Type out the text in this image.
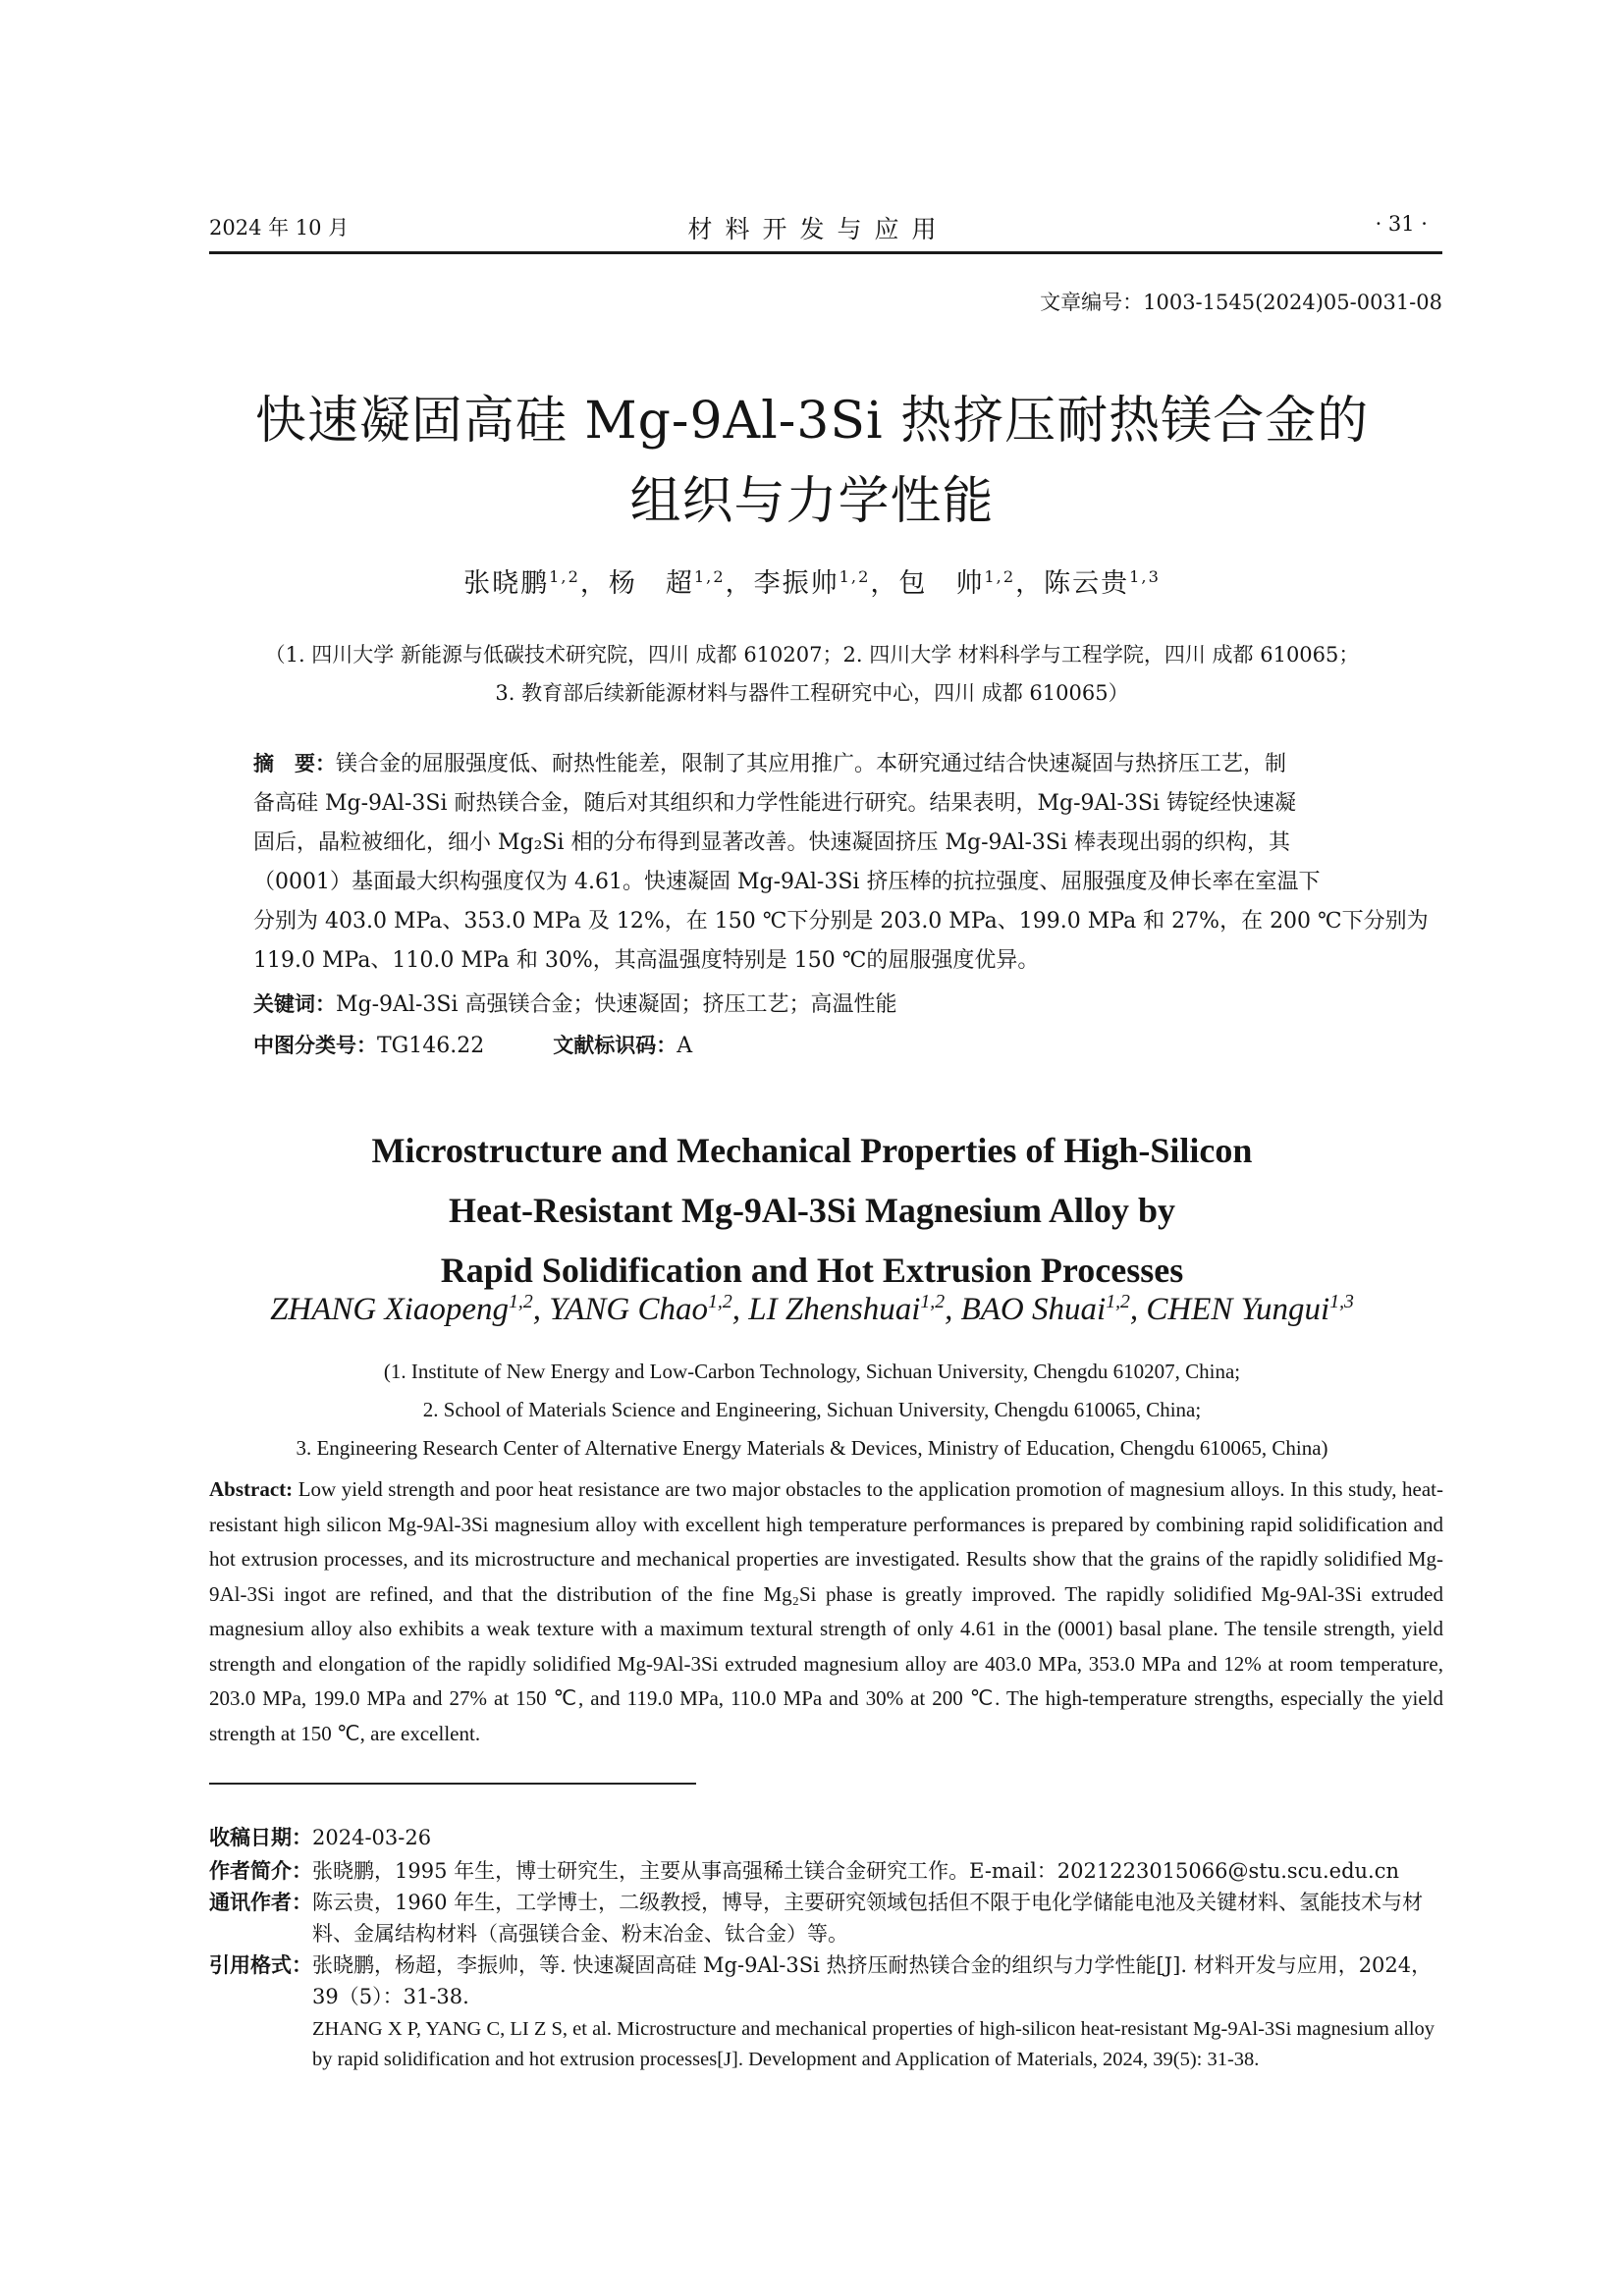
2024 年 10 月	材料开发与应用	· 31 ·
文章编号：1003-1545(2024)05-0031-08
快速凝固高硅 Mg-9Al-3Si 热挤压耐热镁合金的
组织与力学性能
张晓鹏$^{1,2}$，杨　超$^{1,2}$，李振帅$^{1,2}$，包　帅$^{1,2}$，陈云贵$^{1,3}$
（1. 四川大学 新能源与低碳技术研究院，四川 成都 610207；2. 四川大学 材料科学与工程学院，四川 成都 610065；
3. 教育部后续新能源材料与器件工程研究中心，四川 成都 610065）
摘　要：镁合金的屈服强度低、耐热性能差，限制了其应用推广。本研究通过结合快速凝固与热挤压工艺，制
备高硅 Mg-9Al-3Si 耐热镁合金，随后对其组织和力学性能进行研究。结果表明，Mg-9Al-3Si 铸锭经快速凝
固后，晶粒被细化，细小 Mg₂Si 相的分布得到显著改善。快速凝固挤压 Mg-9Al-3Si 棒表现出弱的织构，其
（0001）基面最大织构强度仅为 4.61。快速凝固 Mg-9Al-3Si 挤压棒的抗拉强度、屈服强度及伸长率在室温下
分别为 403.0 MPa、353.0 MPa 及 12%，在 150 ℃下分别是 203.0 MPa、199.0 MPa 和 27%，在 200 ℃下分别为
119.0 MPa、110.0 MPa 和 30%，其高温强度特别是 150 ℃的屈服强度优异。
关键词：Mg-9Al-3Si 高强镁合金；快速凝固；挤压工艺；高温性能
中图分类号：TG146.22	文献标识码：A
Microstructure and Mechanical Properties of High-Silicon
Heat-Resistant Mg-9Al-3Si Magnesium Alloy by
Rapid Solidification and Hot Extrusion Processes
ZHANG Xiaopeng$^{1,2}$, YANG Chao$^{1,2}$, LI Zhenshuai$^{1,2}$, BAO Shuai$^{1,2}$, CHEN Yungui$^{1,3}$
(1. Institute of New Energy and Low-Carbon Technology, Sichuan University, Chengdu 610207, China;
2. School of Materials Science and Engineering, Sichuan University, Chengdu 610065, China;
3. Engineering Research Center of Alternative Energy Materials & Devices, Ministry of Education, Chengdu 610065, China)
Abstract: Low yield strength and poor heat resistance are two major obstacles to the application promotion of magnesium alloys. In this study, heat-resistant high silicon Mg-9Al-3Si magnesium alloy with excellent high temperature performances is prepared by combining rapid solidification and hot extrusion processes, and its microstructure and mechanical properties are investigated. Results show that the grains of the rapidly solidified Mg-9Al-3Si ingot are refined, and that the distribution of the fine Mg₂Si phase is greatly improved. The rapidly solidified Mg-9Al-3Si extruded magnesium alloy also exhibits a weak texture with a maximum textural strength of only 4.61 in the (0001) basal plane. The tensile strength, yield strength and elongation of the rapidly solidified Mg-9Al-3Si extruded magnesium alloy are 403.0 MPa, 353.0 MPa and 12% at room temperature, 203.0 MPa, 199.0 MPa and 27% at 150 ℃, and 119.0 MPa, 110.0 MPa and 30% at 200 ℃. The high-temperature strengths, especially the yield strength at 150 ℃, are excellent.
收稿日期： 2024-03-26
作者简介： 张晓鹏，1995 年生，博士研究生，主要从事高强稀土镁合金研究工作。E-mail：2021223015066@stu.scu.edu.cn
通讯作者： 陈云贵，1960 年生，工学博士，二级教授，博导，主要研究领域包括但不限于电化学储能电池及关键材料、氢能技术与材料、金属结构材料（高强镁合金、粉末冶金、钛合金）等。
引用格式： 张晓鹏，杨超，李振帅，等. 快速凝固高硅 Mg-9Al-3Si 热挤压耐热镁合金的组织与力学性能[J]. 材料开发与应用，2024，39（5）：31-38.
ZHANG X P, YANG C, LI Z S, et al. Microstructure and mechanical properties of high-silicon heat-resistant Mg-9Al-3Si magnesium alloy by rapid solidification and hot extrusion processes[J]. Development and Application of Materials, 2024, 39(5): 31-38.
